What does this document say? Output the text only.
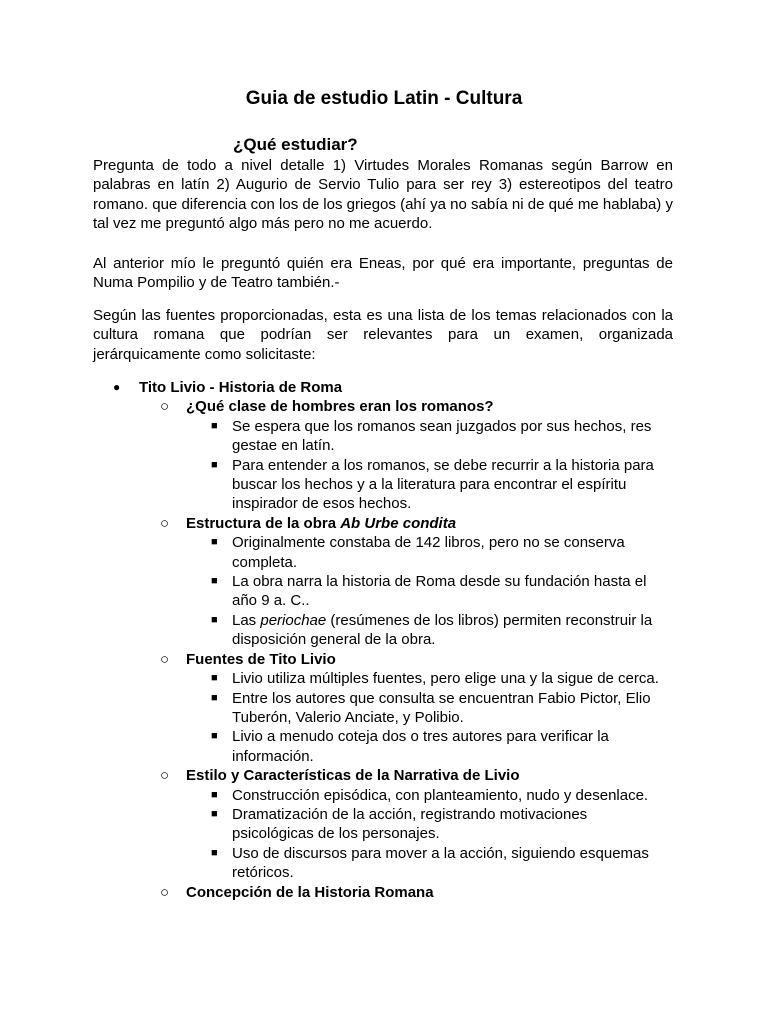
Guia de estudio Latin - Cultura
¿Qué estudiar?

Pregunta de todo a nivel detalle 1) Virtudes Morales Romanas según Barrow en palabras en latín 2) Augurio de Servio Tulio para ser rey 3) estereotipos del teatro romano. que diferencia con los de los griegos (ahí ya no sabía ni de qué me hablaba) y tal vez me preguntó algo más pero no me acuerdo.

Al anterior mío le preguntó quién era Eneas, por qué era importante, preguntas de Numa Pompilio y de Teatro también.-

Según las fuentes proporcionadas, esta es una lista de los temas relacionados con la cultura romana que podrían ser relevantes para un examen, organizada jerárquicamente como solicitaste:

● Tito Livio - Historia de Roma
○ ¿Qué clase de hombres eran los romanos?
■ Se espera que los romanos sean juzgados por sus hechos, res gestae en latín.
■ Para entender a los romanos, se debe recurrir a la historia para buscar los hechos y a la literatura para encontrar el espíritu inspirador de esos hechos.
○ Estructura de la obra Ab Urbe condita
■ Originalmente constaba de 142 libros, pero no se conserva completa.
■ La obra narra la historia de Roma desde su fundación hasta el año 9 a. C..
■ Las periochae (resúmenes de los libros) permiten reconstruir la disposición general de la obra.
○ Fuentes de Tito Livio
■ Livio utiliza múltiples fuentes, pero elige una y la sigue de cerca.
■ Entre los autores que consulta se encuentran Fabio Pictor, Elio Tuberón, Valerio Anciate, y Polibio.
■ Livio a menudo coteja dos o tres autores para verificar la información.
○ Estilo y Características de la Narrativa de Livio
■ Construcción episódica, con planteamiento, nudo y desenlace.
■ Dramatización de la acción, registrando motivaciones psicológicas de los personajes.
■ Uso de discursos para mover a la acción, siguiendo esquemas retóricos.
○ Concepción de la Historia Romana
